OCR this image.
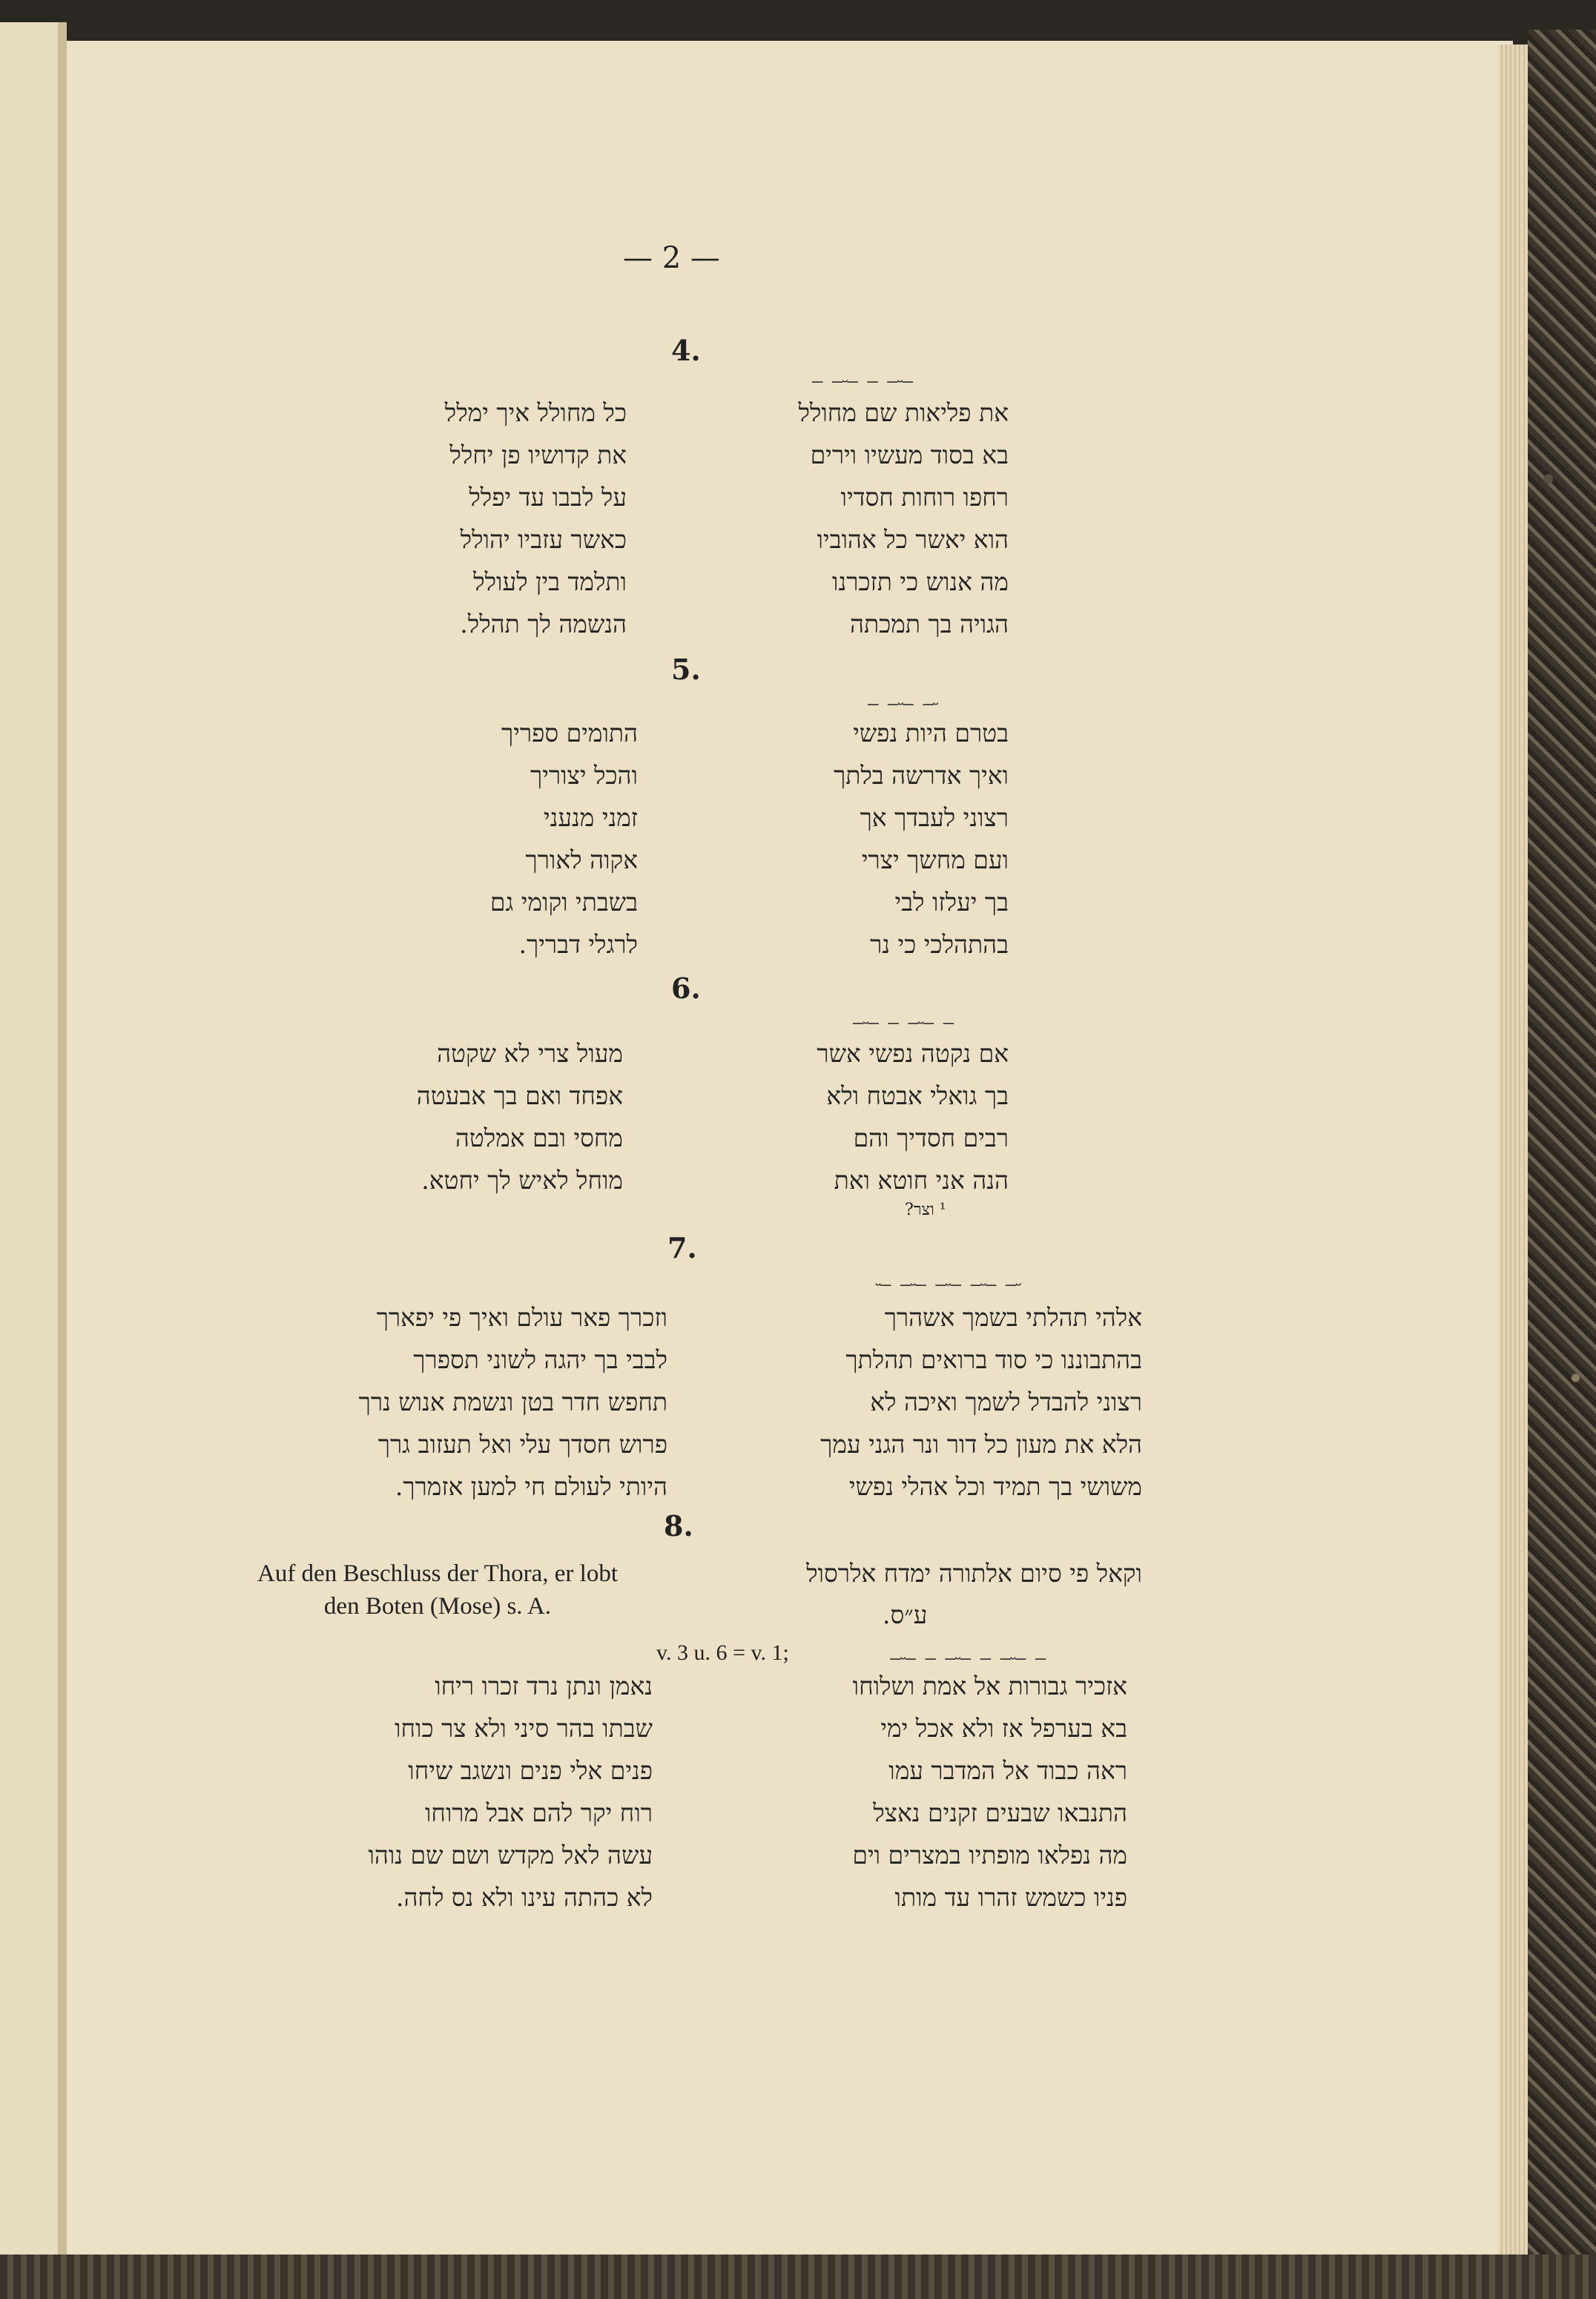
— 2 —
4.
– –⏑– – –⏑–
את פליאות שם מחולל
בא בסוד מעשיו וירים
רחפו רוחות חסדיו
הוא יאשר כל אהוביו
מה אנוש כי תזכרנו
הגויה בך תמכתה
כל מחולל איך ימלל
את קדושיו פן יחלל
על לבבו עד יפלל
כאשר עזביו יהולל
ותלמד בין לעולל
הנשמה לך תהלל.
5.
– –⏑– –⏑
בטרם היות נפשי
ואיך אדרשה בלתך
רצוני לעבדך אך
ועם מחשך יצרי
בך יעלזו לבי
בהתהלכי כי נר
התומים ספריך
והכל יצוריך
זמני מנעני
אקוה לאורך
בשבתי וקומי גם
לרגלי דבריך.
6.
–⏑– – –⏑– –
אם נקטה נפשי אשר
בך גואלי אבטח ולא
רבים חסדיך והם
הנה אני חוטא ואת
מעול צרי לא שקטה
אפחד ואם בך אבעטה
מחסי ובם אמלטה
מוחל לאיש לך יחטא.
¹ וצר?
7.
⏑– –⏑– –⏑– –⏑– –⏑
אלהי תהלתי בשמך אשהרך
בהתבוננו כי סוד ברואים תהלתך
רצוני להבדל לשמך ואיכה לא
הלא את מעון כל דור ונר הגני עמך
משושי בך תמיד וכל אהלי נפשי
וזכרך פאר עולם ואיך פי יפארך
לבבי בך יהגה לשוני תספרך
תחפש חדר בטן ונשמת אנוש נרך
פרוש חסדך עלי ואל תעזוב גרך
היותי לעולם חי למען אזמרך.
8.
וקאל פי סיום אלתורה ימדח אלרסול
ע״ס.
Auf den Beschluss der Thora, er lobt
den Boten (Mose) s. A.
v. 3 u. 6 = v. 1;	–⏑– – –⏑– – –⏑– –
אזכיר גבורות אל אמת ושלוחו
בא בערפל אז ולא אכל ימי
ראה כבוד אל המדבר עמו
התנבאו שבעים זקנים נאצל
מה נפלאו מופתיו במצרים וים
פניו כשמש זהרו עד מותו
נאמן ונתן נרד זכרו ריחו
שבתו בהר סיני ולא צר כוחו
פנים אלי פנים ונשגב שיחו
רוח יקר להם אבל מרוחו
עשה לאל מקדש ושם שם נוהו
לא כהתה עינו ולא נס לחה.
